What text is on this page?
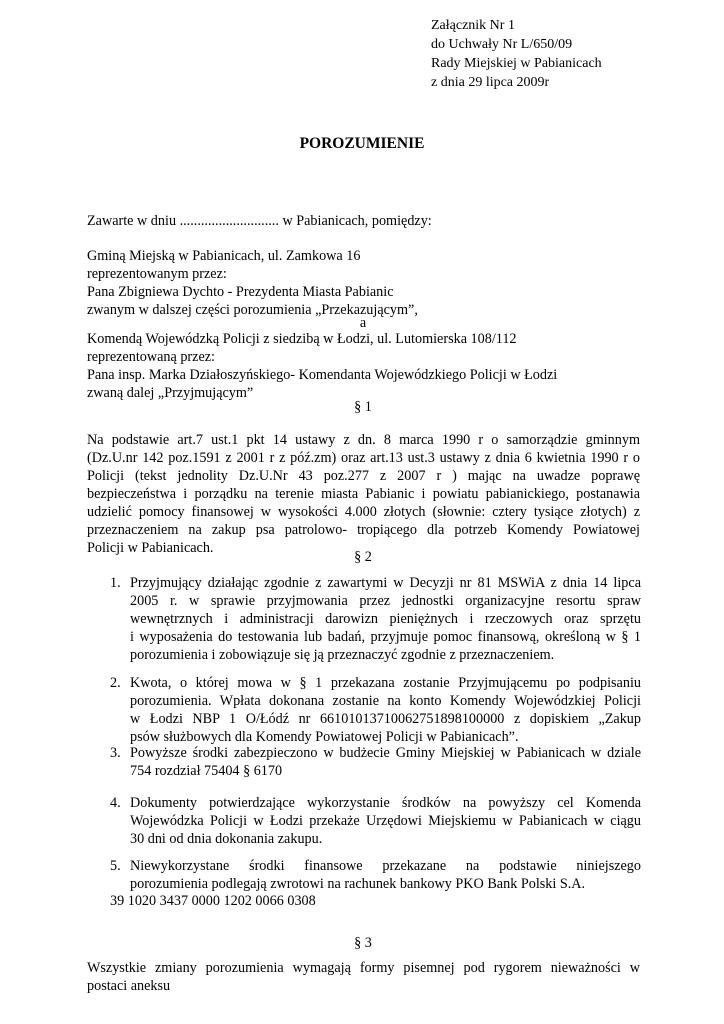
Załącznik Nr 1
do Uchwały Nr L/650/09
Rady Miejskiej w Pabianicach
z dnia 29 lipca 2009r
POROZUMIENIE
Zawarte w dniu ............................ w Pabianicach, pomiędzy:
Gminą Miejską w Pabianicach, ul. Zamkowa 16
reprezentowanym przez:
Pana Zbigniewa Dychto - Prezydenta Miasta Pabianic
zwanym w dalszej części porozumienia „Przekazującym”,
a
Komendą Wojewódzką Policji z siedzibą w Łodzi, ul. Lutomierska 108/112
reprezentowaną przez:
Pana insp. Marka Działoszyńskiego- Komendanta Wojewódzkiego Policji w Łodzi
zwaną dalej „Przyjmującym”
§ 1
Na podstawie art.7 ust.1 pkt 14 ustawy z dn. 8 marca 1990 r o samorządzie gminnym
(Dz.U.nr 142 poz.1591 z 2001 r z póź.zm) oraz art.13 ust.3 ustawy z dnia 6 kwietnia 1990 r o
Policji (tekst jednolity Dz.U.Nr 43 poz.277 z 2007 r ) mając na uwadze poprawę
bezpieczeństwa i porządku na terenie miasta Pabianic i powiatu pabianickiego, postanawia
udzielić pomocy finansowej w wysokości 4.000 złotych (słownie: cztery tysiące złotych) z
przeznaczeniem na zakup psa patrolowo- tropiącego dla potrzeb Komendy Powiatowej
Policji w Pabianicach.
§ 2
1. Przyjmujący działając zgodnie z zawartymi w Decyzji nr 81 MSWiA z dnia 14 lipca
2005 r. w sprawie przyjmowania przez jednostki organizacyjne resortu spraw
wewnętrznych i administracji darowizn pieniężnych i rzeczowych oraz sprzętu
i wyposażenia do testowania lub badań, przyjmuje pomoc finansową, określoną w § 1
porozumienia i zobowiązuje się ją przeznaczyć zgodnie z przeznaczeniem.
2. Kwota, o której mowa w § 1 przekazana zostanie Przyjmującemu po podpisaniu
porozumienia. Wpłata dokonana zostanie na konto Komendy Wojewódzkiej Policji
w Łodzi NBP 1 O/Łódź nr 66101013710062751898100000 z dopiskiem „Zakup
psów służbowych dla Komendy Powiatowej Policji w Pabianicach”.
3. Powyższe środki zabezpieczono w budżecie Gminy Miejskiej w Pabianicach w dziale
754 rozdział 75404 § 6170
4. Dokumenty potwierdzające wykorzystanie środków na powyższy cel Komenda
Wojewódzka Policji w Łodzi przekaże Urzędowi Miejskiemu w Pabianicach w ciągu
30 dni od dnia dokonania zakupu.
5. Niewykorzystane środki finansowe przekazane na podstawie niniejszego
porozumienia podlegają zwrotowi na rachunek bankowy PKO Bank Polski S.A.
39 1020 3437 0000 1202 0066 0308
§ 3
Wszystkie zmiany porozumienia wymagają formy pisemnej pod rygorem nieważności w
postaci aneksu
